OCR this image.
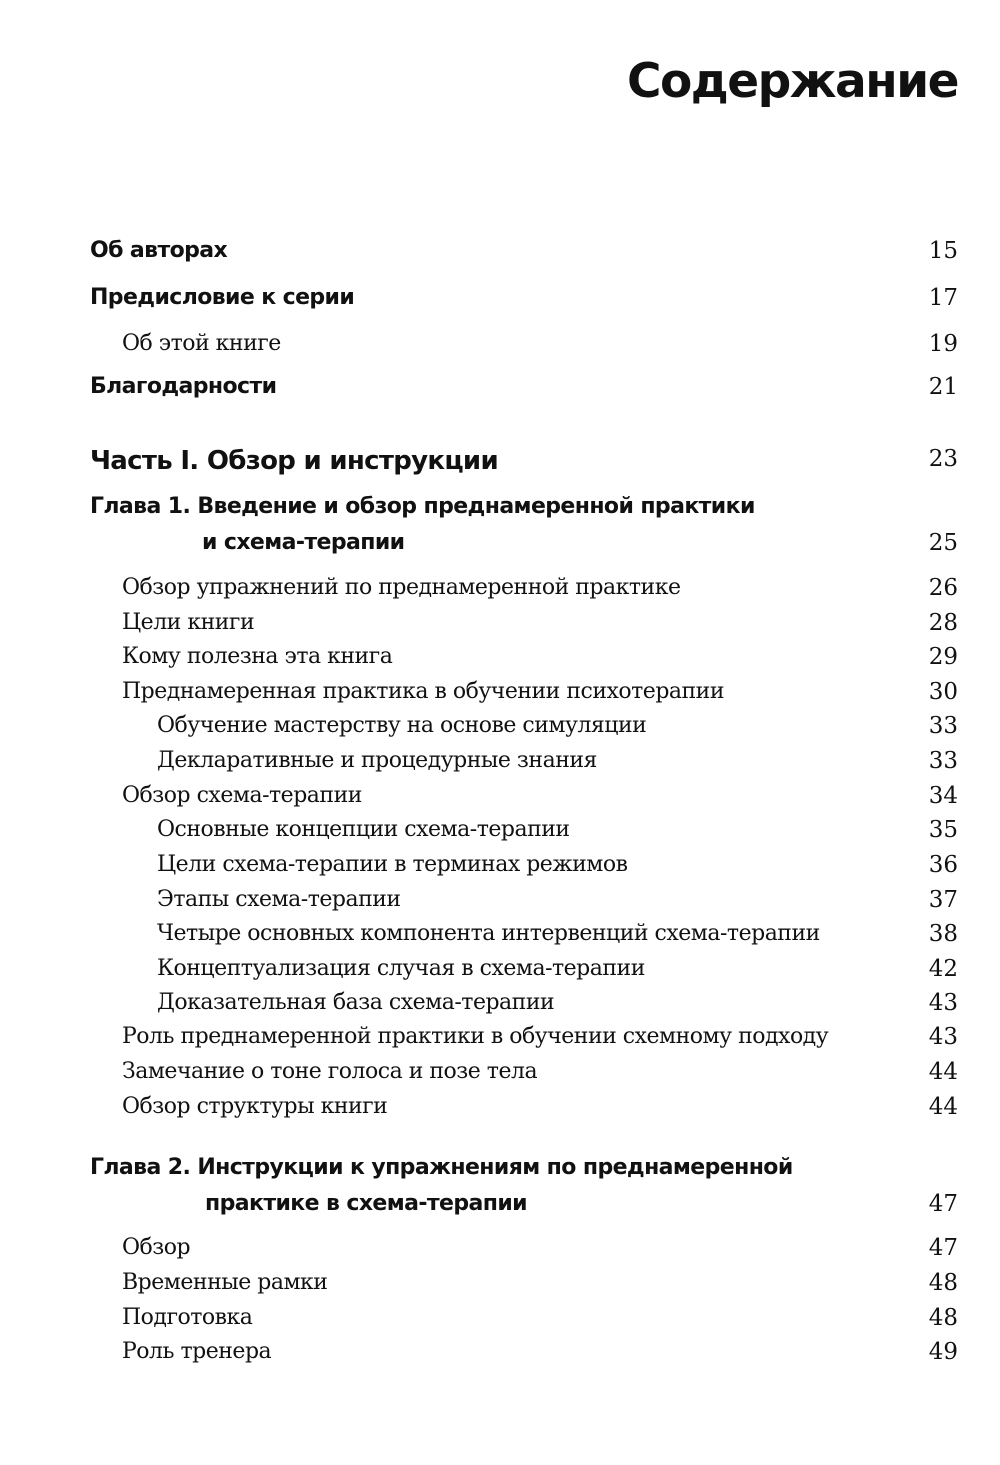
Содержание
Об авторах	15
Предисловие к серии	17
Об этой книге	19
Благодарности	21
Часть I. Обзор и инструкции	23
Глава 1. Введение и обзор преднамеренной практики
и схема-терапии	25
Обзор упражнений по преднамеренной практике	26
Цели книги	28
Кому полезна эта книга	29
Преднамеренная практика в обучении психотерапии	30
Обучение мастерству на основе симуляции	33
Декларативные и процедурные знания	33
Обзор схема-терапии	34
Основные концепции схема-терапии	35
Цели схема-терапии в терминах режимов	36
Этапы схема-терапии	37
Четыре основных компонента интервенций схема-терапии	38
Концептуализация случая в схема-терапии	42
Доказательная база схема-терапии	43
Роль преднамеренной практики в обучении схемному подходу	43
Замечание о тоне голоса и позе тела	44
Обзор структуры книги	44
Глава 2. Инструкции к упражнениям по преднамеренной
практике в схема-терапии	47
Обзор	47
Временные рамки	48
Подготовка	48
Роль тренера	49
